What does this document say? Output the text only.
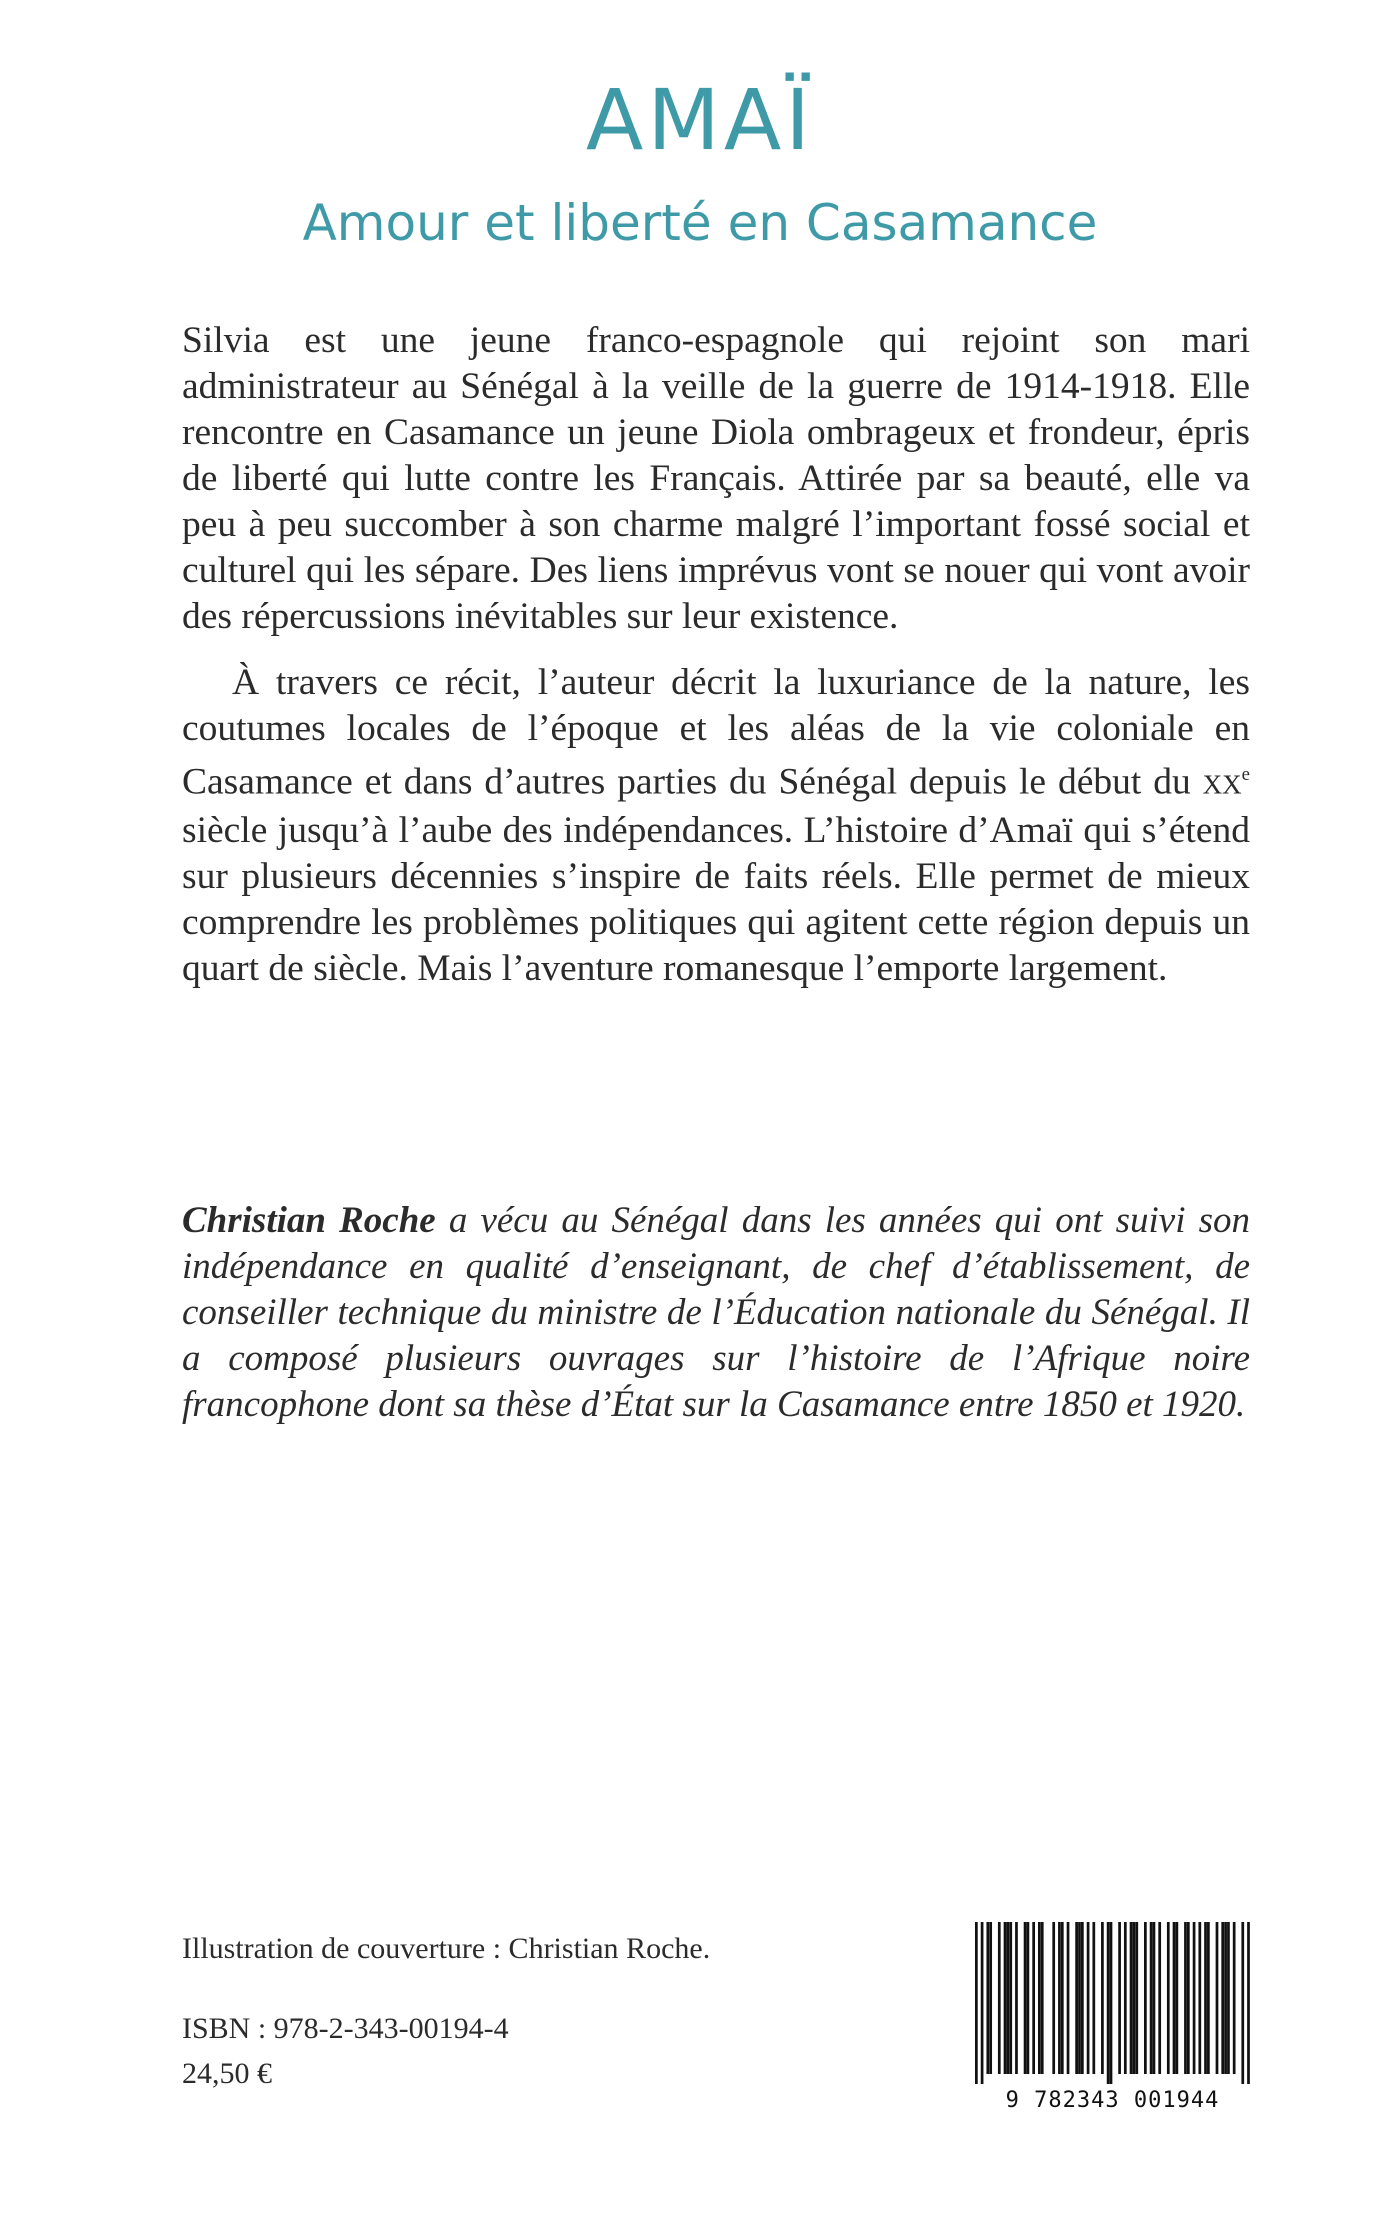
AMAÏ
Amour et liberté en Casamance

Silvia est une jeune franco-espagnole qui rejoint son mari administrateur au Sénégal à la veille de la guerre de 1914-1918. Elle rencontre en Casamance un jeune Diola ombrageux et frondeur, épris de liberté qui lutte contre les Français. Attirée par sa beauté, elle va peu à peu succomber à son charme malgré l’important fossé social et culturel qui les sépare. Des liens imprévus vont se nouer qui vont avoir des répercussions inévitables sur leur existence.

À travers ce récit, l’auteur décrit la luxuriance de la nature, les coutumes locales de l’époque et les aléas de la vie coloniale en Casamance et dans d’autres parties du Sénégal depuis le début du XXe siècle jusqu’à l’aube des indépendances. L’histoire d’Amaï qui s’étend sur plusieurs décennies s’inspire de faits réels. Elle permet de mieux comprendre les problèmes politiques qui agitent cette région depuis un quart de siècle. Mais l’aventure romanesque l’emporte largement.

Christian Roche a vécu au Sénégal dans les années qui ont suivi son indépendance en qualité d’enseignant, de chef d’établissement, de conseiller technique du ministre de l’Éducation nationale du Sénégal. Il a composé plusieurs ouvrages sur l’histoire de l’Afrique noire francophone dont sa thèse d’État sur la Casamance entre 1850 et 1920.

Illustration de couverture : Christian Roche.

ISBN : 978-2-343-00194-4

24,50 €

9 782343 001944
